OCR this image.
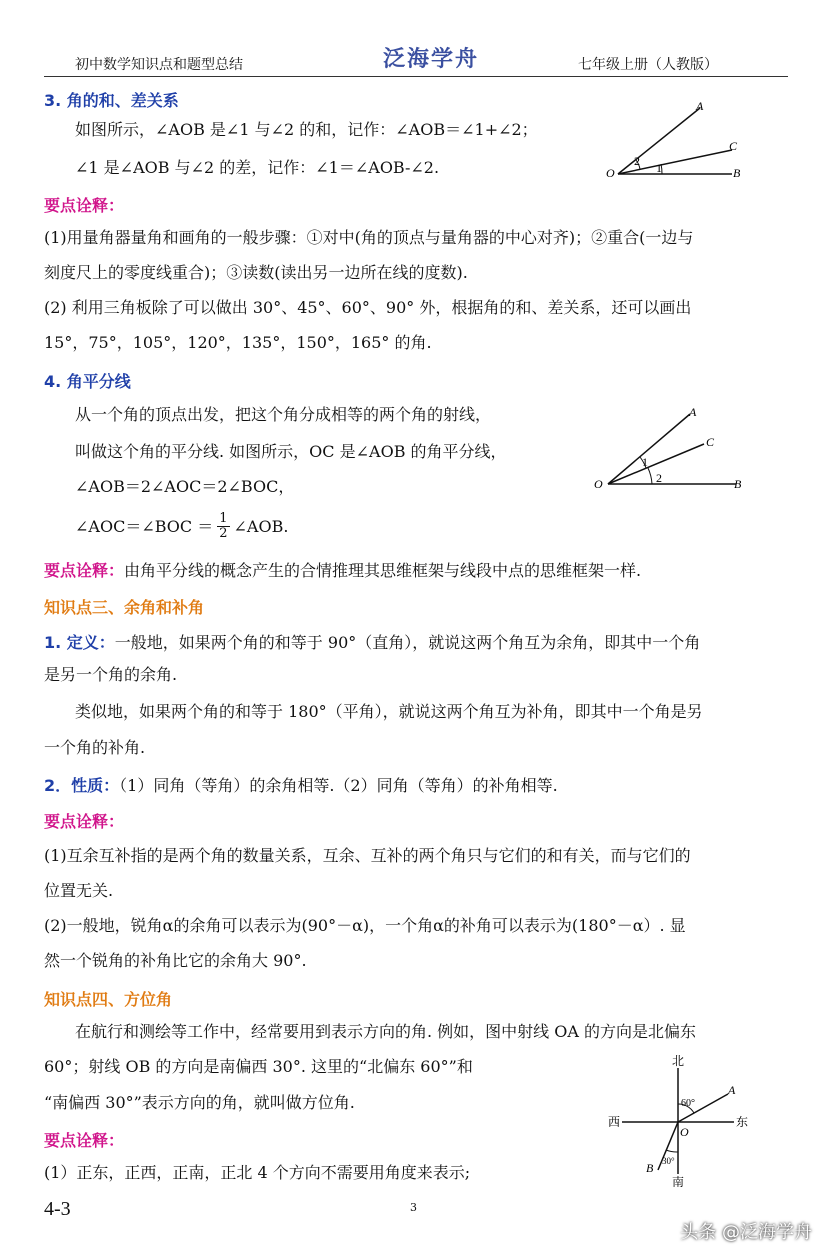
初中数学知识点和题型总结	泛海学舟	七年级上册（人教版）
3. 角的和、差关系
如图所示，∠AOB 是∠1 与∠2 的和，记作：∠AOB＝∠1+∠2；
∠1 是∠AOB 与∠2 的差，记作：∠1＝∠AOB-∠2.
A
C
O	B
1
2
要点诠释：
(1)用量角器量角和画角的一般步骤：①对中(角的顶点与量角器的中心对齐)；②重合(一边与
刻度尺上的零度线重合)；③读数(读出另一边所在线的度数).
(2) 利用三角板除了可以做出 30°、45°、60°、90° 外，根据角的和、差关系，还可以画出
15°，75°，105°，120°，135°，150°，165° 的角.
4. 角平分线
从一个角的顶点出发，把这个角分成相等的两个角的射线，
叫做这个角的平分线. 如图所示，OC 是∠AOB 的角平分线，
∠AOB＝2∠AOC＝2∠BOC，
∠AOC＝∠BOC ＝ $\frac{1}{2}$ ∠AOB.
A
C
O	B
1
2
要点诠释：由角平分线的概念产生的合情推理其思维框架与线段中点的思维框架一样.
知识点三、余角和补角
1. 定义：一般地，如果两个角的和等于 90°（直角），就说这两个角互为余角，即其中一个角
是另一个角的余角.
类似地，如果两个角的和等于 180°（平角），就说这两个角互为补角，即其中一个角是另
一个角的补角.
2．性质：（1）同角（等角）的余角相等.（2）同角（等角）的补角相等.
要点诠释：
(1)互余互补指的是两个角的数量关系，互余、互补的两个角只与它们的和有关，而与它们的
位置无关.
(2)一般地，锐角α的余角可以表示为(90°－α)，一个角α的补角可以表示为(180°－α）. 显
然一个锐角的补角比它的余角大 90°.
知识点四、方位角
在航行和测绘等工作中，经常要用到表示方向的角. 例如，图中射线 OA 的方向是北偏东
60°；射线 OB 的方向是南偏西 30°. 这里的“北偏东 60°”和
“南偏西 30°”表示方向的角，就叫做方位角.
要点诠释：
(1）正东，正西，正南，正北 4 个方向不需要用角度来表示;
北
南
西	东
A
B
O
60°
30°
4-3	3
头条 @泛海学舟
